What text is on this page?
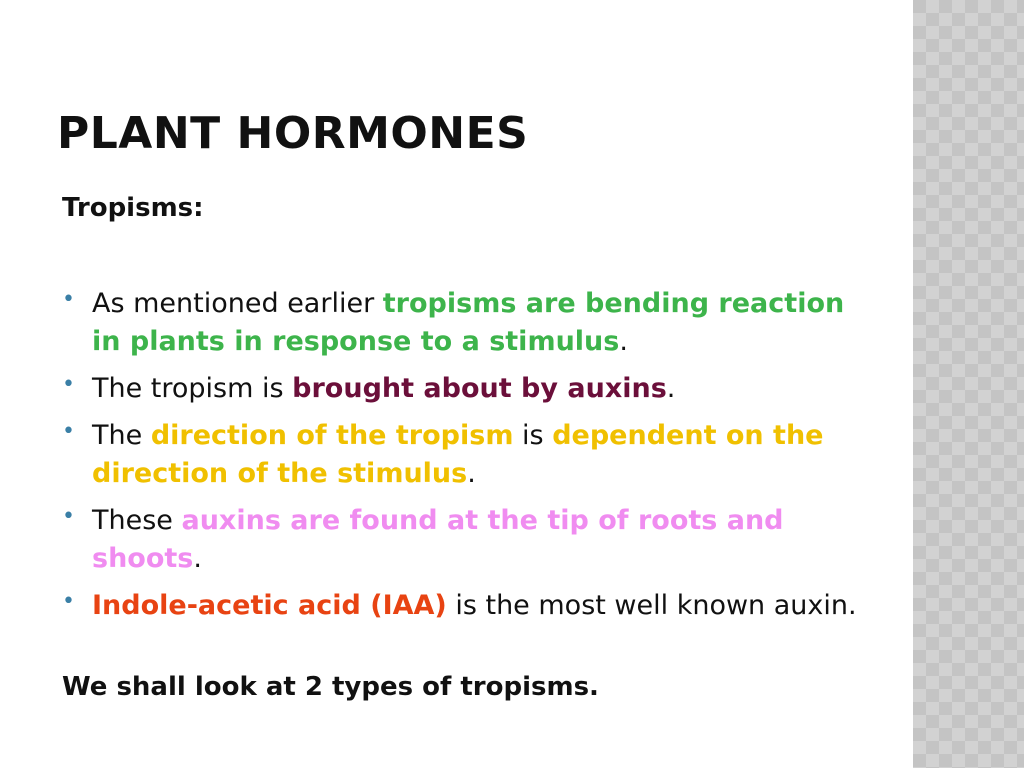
PLANT HORMONES

Tropisms:

• As mentioned earlier tropisms are bending reaction in plants in response to a stimulus.
• The tropism is brought about by auxins.
• The direction of the tropism is dependent on the direction of the stimulus.
• These auxins are found at the tip of roots and shoots.
• Indole-acetic acid (IAA) is the most well known auxin.

We shall look at 2 types of tropisms.
